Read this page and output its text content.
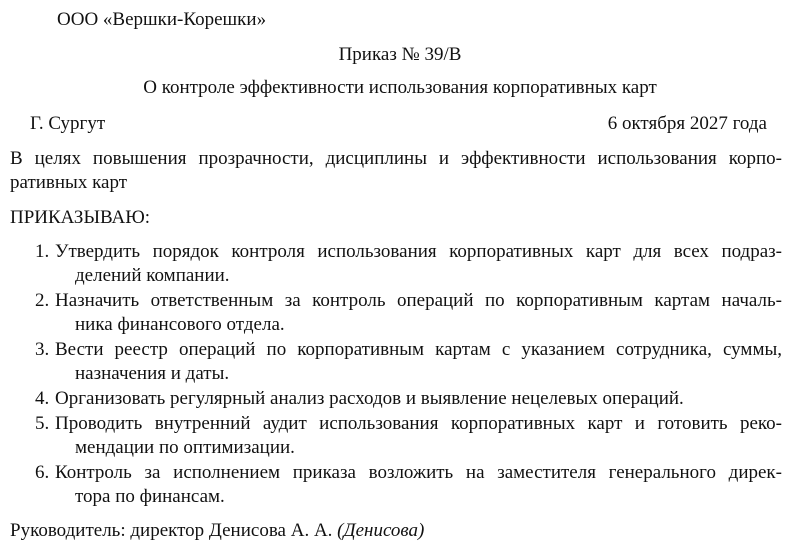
ООО «Вершки-Корешки»
Приказ № 39/В
О контроле эффективности использования корпоративных карт
Г. Сургут	6 октября 2027 года
В целях повышения прозрачности, дисциплины и эффективности использования корпо-
ративных карт
ПРИКАЗЫВАЮ:
1. Утвердить порядок контроля использования корпоративных карт для всех подраз-
делений компании.
2. Назначить ответственным за контроль операций по корпоративным картам началь-
ника финансового отдела.
3. Вести реестр операций по корпоративным картам с указанием сотрудника, суммы,
назначения и даты.
4. Организовать регулярный анализ расходов и выявление нецелевых операций.
5. Проводить внутренний аудит использования корпоративных карт и готовить реко-
мендации по оптимизации.
6. Контроль за исполнением приказа возложить на заместителя генерального дирек-
тора по финансам.
Руководитель: директор Денисова А. А. (Денисова)
